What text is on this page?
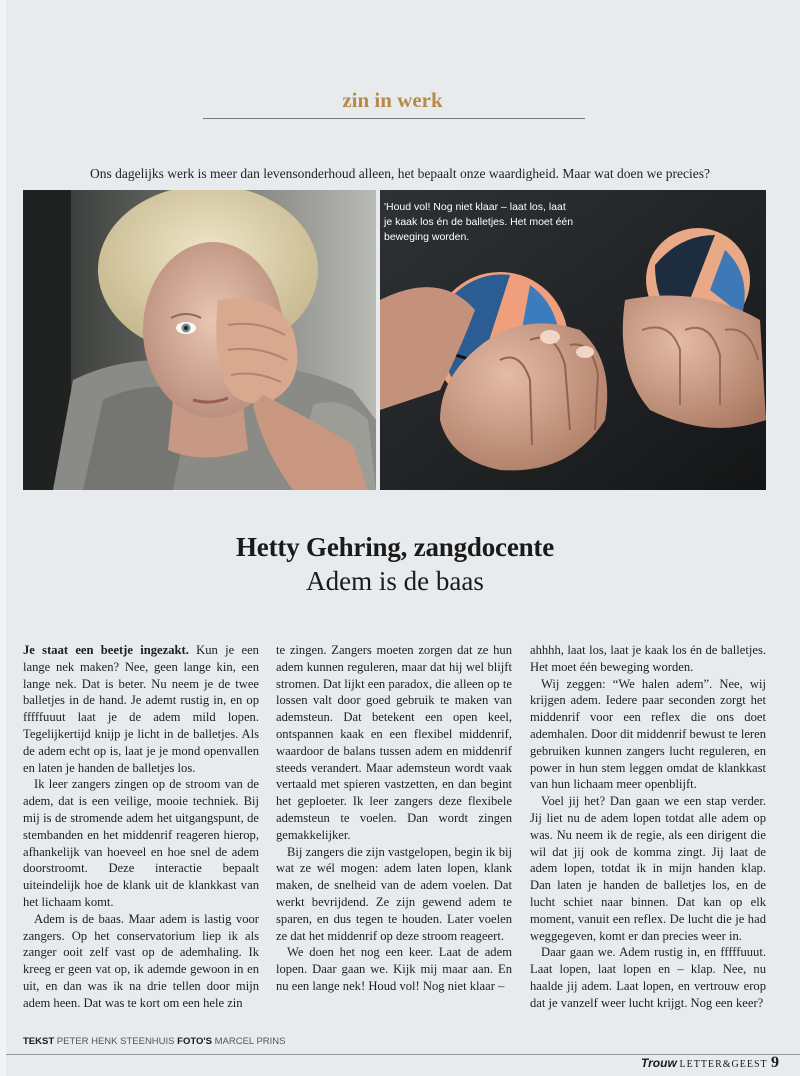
zin in werk
Ons dagelijks werk is meer dan levensonderhoud alleen, het bepaalt onze waardigheid. Maar wat doen we precies?
'Houd vol! Nog niet klaar – laat los, laat je kaak los én de balletjes. Het moet één beweging worden.
Hetty Gehring, zangdocente
Adem is de baas

Je staat een beetje ingezakt. Kun je een lange nek maken? Nee, geen lange kin, een lange nek. Dat is beter. Nu neem je de twee balletjes in de hand. Je ademt rustig in, en op fffffuuut laat je de adem mild lopen. Tegelijkertijd knijp je licht in de balletjes. Als de adem echt op is, laat je je mond openvallen en laten je handen de balletjes los.

Ik leer zangers zingen op de stroom van de adem, dat is een veilige, mooie techniek. Bij mij is de stromende adem het uitgangspunt, de stembanden en het middenrif reageren hierop, afhankelijk van hoeveel en hoe snel de adem doorstroomt. Deze interactie bepaalt uiteindelijk hoe de klank uit de klankkast van het lichaam komt.

Adem is de baas. Maar adem is lastig voor zangers. Op het conservatorium liep ik als zanger ooit zelf vast op de ademhaling. Ik kreeg er geen vat op, ik ademde gewoon in en uit, en dan was ik na drie tellen door mijn adem heen. Dat was te kort om een hele zin

te zingen. Zangers moeten zorgen dat ze hun adem kunnen reguleren, maar dat hij wel blijft stromen. Dat lijkt een paradox, die alleen op te lossen valt door goed gebruik te maken van ademsteun. Dat betekent een open keel, ontspannen kaak en een flexibel middenrif, waardoor de balans tussen adem en middenrif steeds verandert. Maar ademsteun wordt vaak vertaald met spieren vastzetten, en dan begint het geploeter. Ik leer zangers deze flexibele ademsteun te voelen. Dan wordt zingen gemakkelijker.

Bij zangers die zijn vastgelopen, begin ik bij wat ze wél mogen: adem laten lopen, klank maken, de snelheid van de adem voelen. Dat werkt bevrijdend. Ze zijn gewend adem te sparen, en dus tegen te houden. Later voelen ze dat het middenrif op deze stroom reageert.

We doen het nog een keer. Laat de adem lopen. Daar gaan we. Kijk mij maar aan. En nu een lange nek! Houd vol! Nog niet klaar –

ahhhh, laat los, laat je kaak los én de balletjes. Het moet één beweging worden.

Wij zeggen: “We halen adem”. Nee, wij krijgen adem. Iedere paar seconden zorgt het middenrif voor een reflex die ons doet ademhalen. Door dit middenrif bewust te leren gebruiken kunnen zangers lucht reguleren, en power in hun stem leggen omdat de klankkast van hun lichaam meer openblijft.

Voel jij het? Dan gaan we een stap verder. Jij liet nu de adem lopen totdat alle adem op was. Nu neem ik de regie, als een dirigent die wil dat jij ook de komma zingt. Jij laat de adem lopen, totdat ik in mijn handen klap. Dan laten je handen de balletjes los, en de lucht schiet naar binnen. Dat kan op elk moment, vanuit een reflex. De lucht die je had weggegeven, komt er dan precies weer in.

Daar gaan we. Adem rustig in, en fffffuuut. Laat lopen, laat lopen en – klap. Nee, nu haalde jij adem. Laat lopen, en vertrouw erop dat je vanzelf weer lucht krijgt. Nog een keer?

TEKST PETER HENK STEENHUIS FOTO'S MARCEL PRINS
Trouw LETTER&GEEST 9
